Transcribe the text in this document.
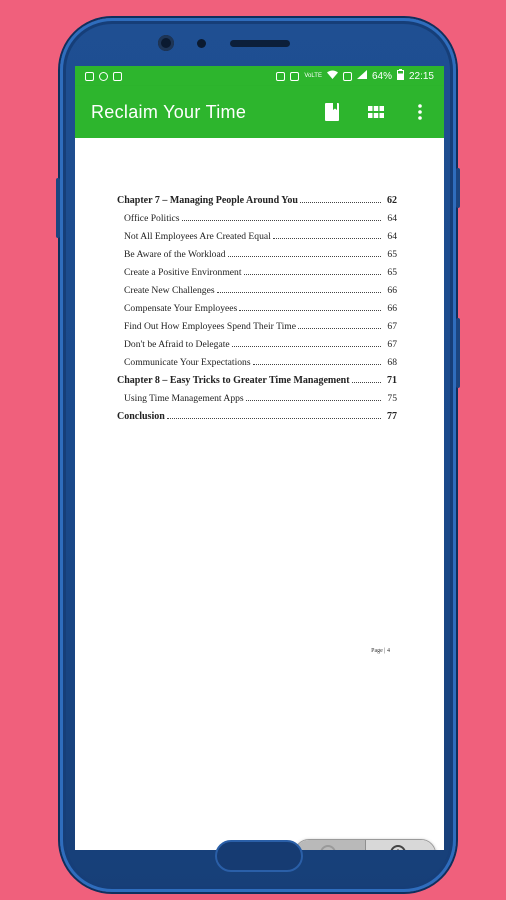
VoLTE	64% 22:15
Reclaim Your Time
Chapter 7 – Managing People Around You	62
Office Politics	64
Not All Employees Are Created Equal	64
Be Aware of the Workload	65
Create a Positive Environment	65
Create New Challenges	66
Compensate Your Employees	66
Find Out How Employees Spend Their Time	67
Don't be Afraid to Delegate	67
Communicate Your Expectations	68
Chapter 8 – Easy Tricks to Greater Time Management	71
Using Time Management Apps	75
Conclusion	77
Page | 4
